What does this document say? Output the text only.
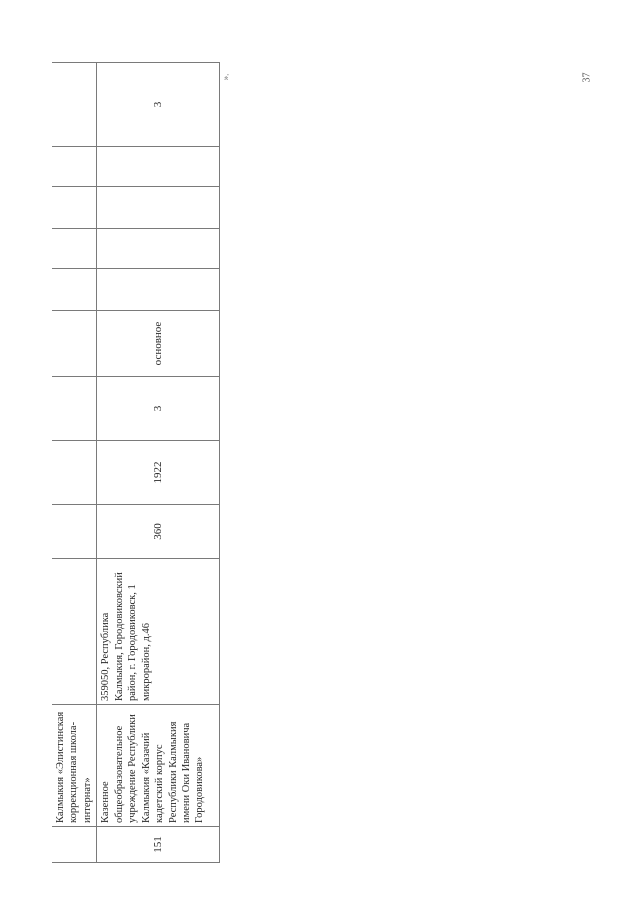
	Калмыкия «Элистинская коррекционная школа-интернат»										

151	Казенное общеобразовательное учреждение Республики Калмыкия «Казачий кадетский корпус Республики Калмыкия имени Оки Ивановича Городовикова»	359050, Республика Калмыкия, Городовиковский район, г. Городовиковск, 1 микрорайон, д.46	360	1922	3	основное					3
».	37
